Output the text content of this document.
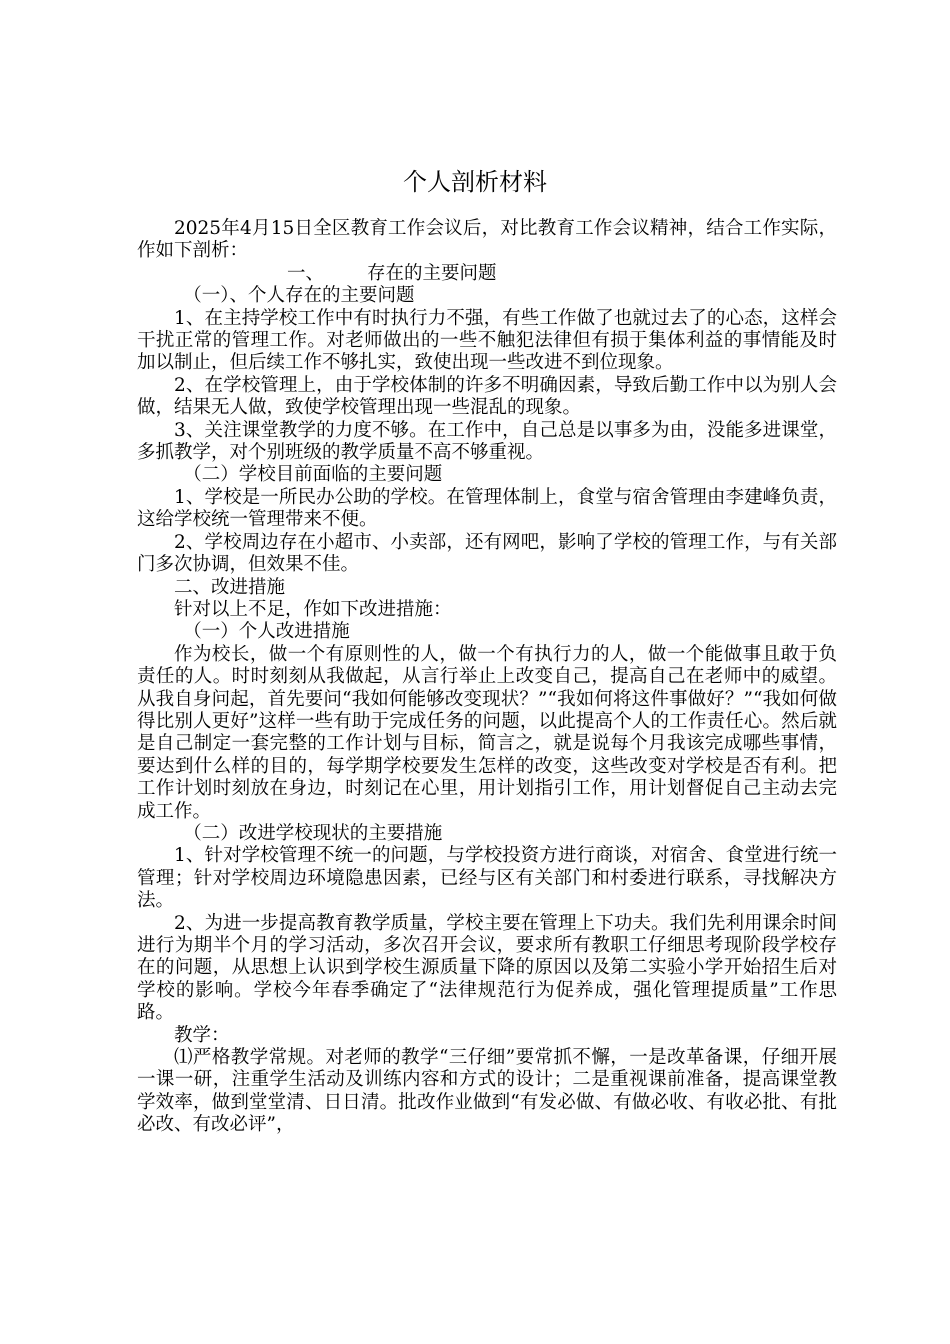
个人剖析材料

2025年4月15日全区教育工作会议后，对比教育工作会议精神，结合工作实际，作如下剖析：

一、 存在的主要问题

（一）、个人存在的主要问题

1、在主持学校工作中有时执行力不强，有些工作做了也就过去了的心态，这样会干扰正常的管理工作。对老师做出的一些不触犯法律但有损于集体利益的事情能及时加以制止，但后续工作不够扎实，致使出现一些改进不到位现象。

2、在学校管理上，由于学校体制的许多不明确因素，导致后勤工作中以为别人会做，结果无人做，致使学校管理出现一些混乱的现象。

3、关注课堂教学的力度不够。在工作中，自己总是以事多为由，没能多进课堂，多抓教学，对个别班级的教学质量不高不够重视。

（二）学校目前面临的主要问题

1、学校是一所民办公助的学校。在管理体制上，食堂与宿舍管理由李建峰负责，这给学校统一管理带来不便。

2、学校周边存在小超市、小卖部，还有网吧，影响了学校的管理工作，与有关部门多次协调，但效果不佳。

二、改进措施

针对以上不足，作如下改进措施：

（一）个人改进措施

作为校长，做一个有原则性的人，做一个有执行力的人，做一个能做事且敢于负责任的人。时时刻刻从我做起，从言行举止上改变自己，提高自己在老师中的威望。从我自身问起，首先要问“我如何能够改变现状？”“我如何将这件事做好？”“我如何做得比别人更好”这样一些有助于完成任务的问题，以此提高个人的工作责任心。然后就是自己制定一套完整的工作计划与目标，简言之，就是说每个月我该完成哪些事情，要达到什么样的目的，每学期学校要发生怎样的改变，这些改变对学校是否有利。把工作计划时刻放在身边，时刻记在心里，用计划指引工作，用计划督促自己主动去完成工作。

（二）改进学校现状的主要措施

1、针对学校管理不统一的问题，与学校投资方进行商谈，对宿舍、食堂进行统一管理；针对学校周边环境隐患因素，已经与区有关部门和村委进行联系，寻找解决方法。

2、为进一步提高教育教学质量，学校主要在管理上下功夫。我们先利用课余时间进行为期半个月的学习活动，多次召开会议，要求所有教职工仔细思考现阶段学校存在的问题，从思想上认识到学校生源质量下降的原因以及第二实验小学开始招生后对学校的影响。学校今年春季确定了“法律规范行为促养成，强化管理提质量”工作思路。

教学：

⑴严格教学常规。对老师的教学“三仔细”要常抓不懈，一是改革备课，仔细开展一课一研，注重学生活动及训练内容和方式的设计；二是重视课前准备，提高课堂教学效率，做到堂堂清、日日清。批改作业做到“有发必做、有做必收、有收必批、有批必改、有改必评”，
